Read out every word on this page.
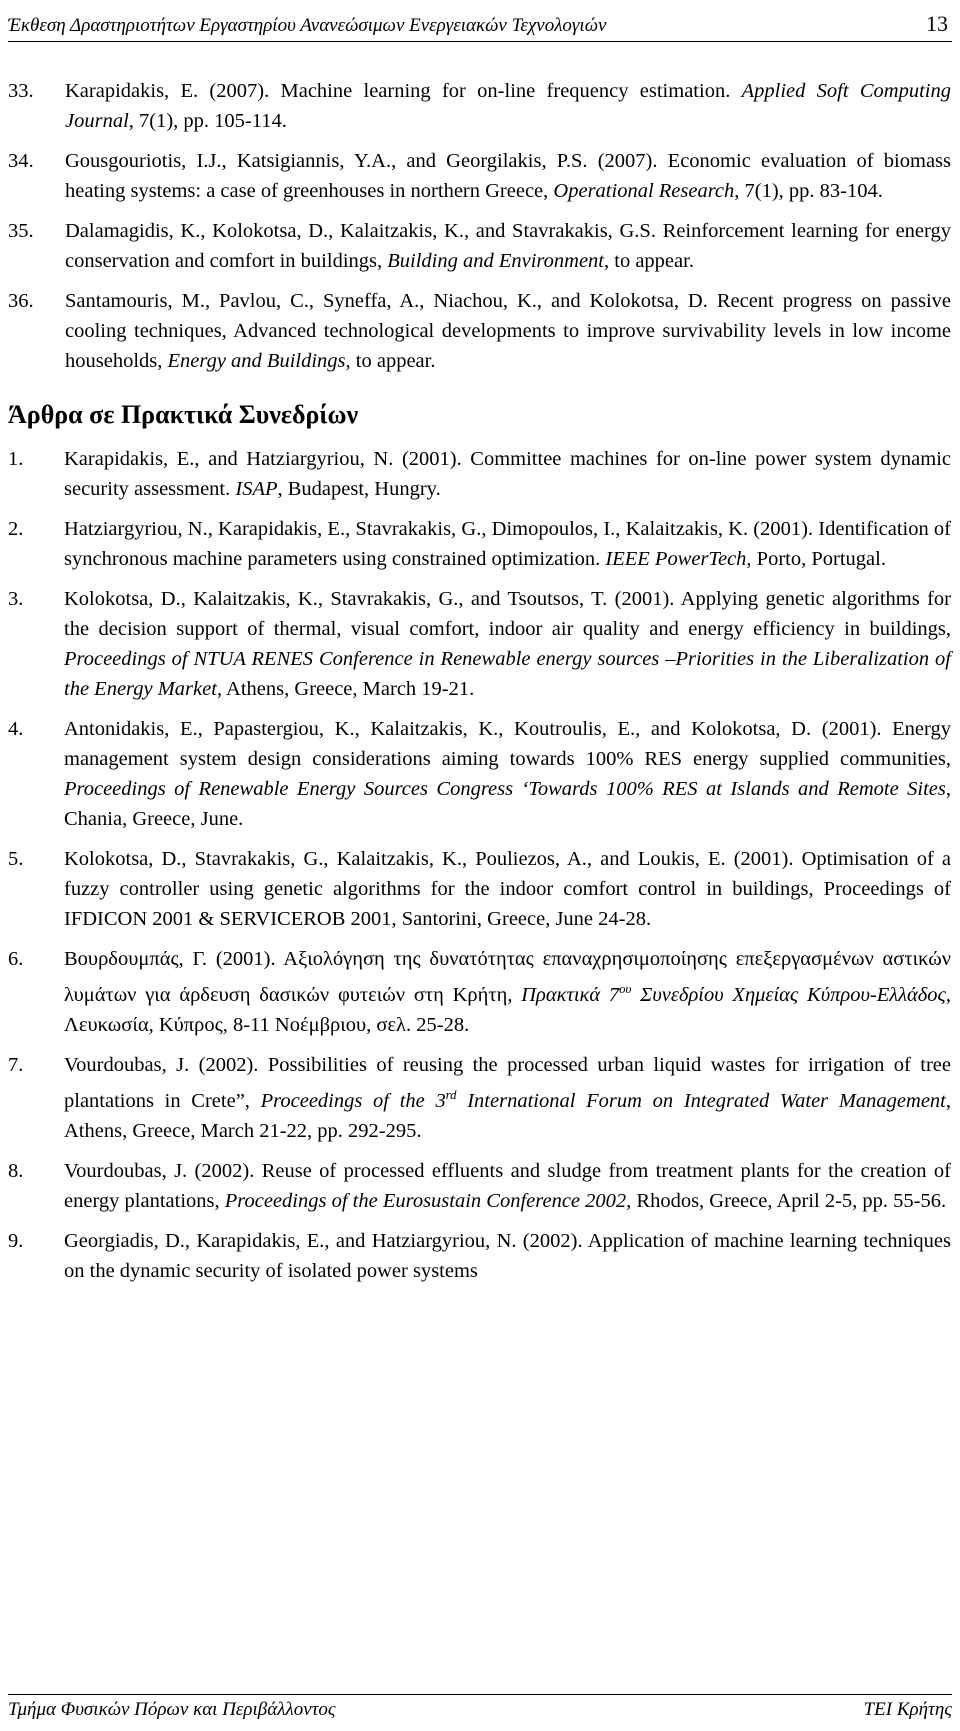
Έκθεση Δραστηριοτήτων Εργαστηρίου Ανανεώσιμων Ενεργειακών Τεχνολογιών	13
33. Karapidakis, E. (2007). Machine learning for on-line frequency estimation. Applied Soft Computing Journal, 7(1), pp. 105-114.
34. Gousgouriotis, I.J., Katsigiannis, Y.A., and Georgilakis, P.S. (2007). Economic evaluation of biomass heating systems: a case of greenhouses in northern Greece, Operational Research, 7(1), pp. 83-104.
35. Dalamagidis, K., Kolokotsa, D., Kalaitzakis, K., and Stavrakakis, G.S. Reinforcement learning for energy conservation and comfort in buildings, Building and Environment, to appear.
36. Santamouris, M., Pavlou, C., Syneffa, A., Niachou, K., and Kolokotsa, D. Recent progress on passive cooling techniques, Advanced technological developments to improve survivability levels in low income households, Energy and Buildings, to appear.
Άρθρα σε Πρακτικά Συνεδρίων
1. Karapidakis, E., and Hatziargyriou, N. (2001). Committee machines for on-line power system dynamic security assessment. ISAP, Budapest, Hungry.
2. Hatziargyriou, N., Karapidakis, E., Stavrakakis, G., Dimopoulos, I., Kalaitzakis, K. (2001). Identification of synchronous machine parameters using constrained optimization. IEEE PowerTech, Porto, Portugal.
3. Kolokotsa, D., Kalaitzakis, K., Stavrakakis, G., and Tsoutsos, T. (2001). Applying genetic algorithms for the decision support of thermal, visual comfort, indoor air quality and energy efficiency in buildings, Proceedings of NTUA RENES Conference in Renewable energy sources –Priorities in the Liberalization of the Energy Market, Athens, Greece, March 19-21.
4. Antonidakis, E., Papastergiou, K., Kalaitzakis, K., Koutroulis, E., and Kolokotsa, D. (2001). Energy management system design considerations aiming towards 100% RES energy supplied communities, Proceedings of Renewable Energy Sources Congress ‘Towards 100% RES at Islands and Remote Sites, Chania, Greece, June.
5. Kolokotsa, D., Stavrakakis, G., Kalaitzakis, K., Pouliezos, A., and Loukis, E. (2001). Optimisation of a fuzzy controller using genetic algorithms for the indoor comfort control in buildings, Proceedings of IFDICON 2001 & SERVICEROB 2001, Santorini, Greece, June 24-28.
6. Βουρδουμπάς, Γ. (2001). Αξιολόγηση της δυνατότητας επαναχρησιμοποίησης επεξεργασμένων αστικών λυμάτων για άρδευση δασικών φυτειών στη Κρήτη, Πρακτικά $7^{o\upsilon}$ Συνεδρίου Χημείας Κύπρου-Ελλάδος, Λευκωσία, Κύπρος, 8-11 Νοέμβριου, σελ. 25-28.
7. Vourdoubas, J. (2002). Possibilities of reusing the processed urban liquid wastes for irrigation of tree plantations in Crete”, Proceedings of the 3rd International Forum on Integrated Water Management, Athens, Greece, March 21-22, pp. 292-295.
8. Vourdoubas, J. (2002). Reuse of processed effluents and sludge from treatment plants for the creation of energy plantations, Proceedings of the Eurosustain Conference 2002, Rhodos, Greece, April 2-5, pp. 55-56.
9. Georgiadis, D., Karapidakis, E., and Hatziargyriou, N. (2002). Application of machine learning techniques on the dynamic security of isolated power systems
Τμήμα Φυσικών Πόρων και Περιβάλλοντος	ΤΕΙ Κρήτης
